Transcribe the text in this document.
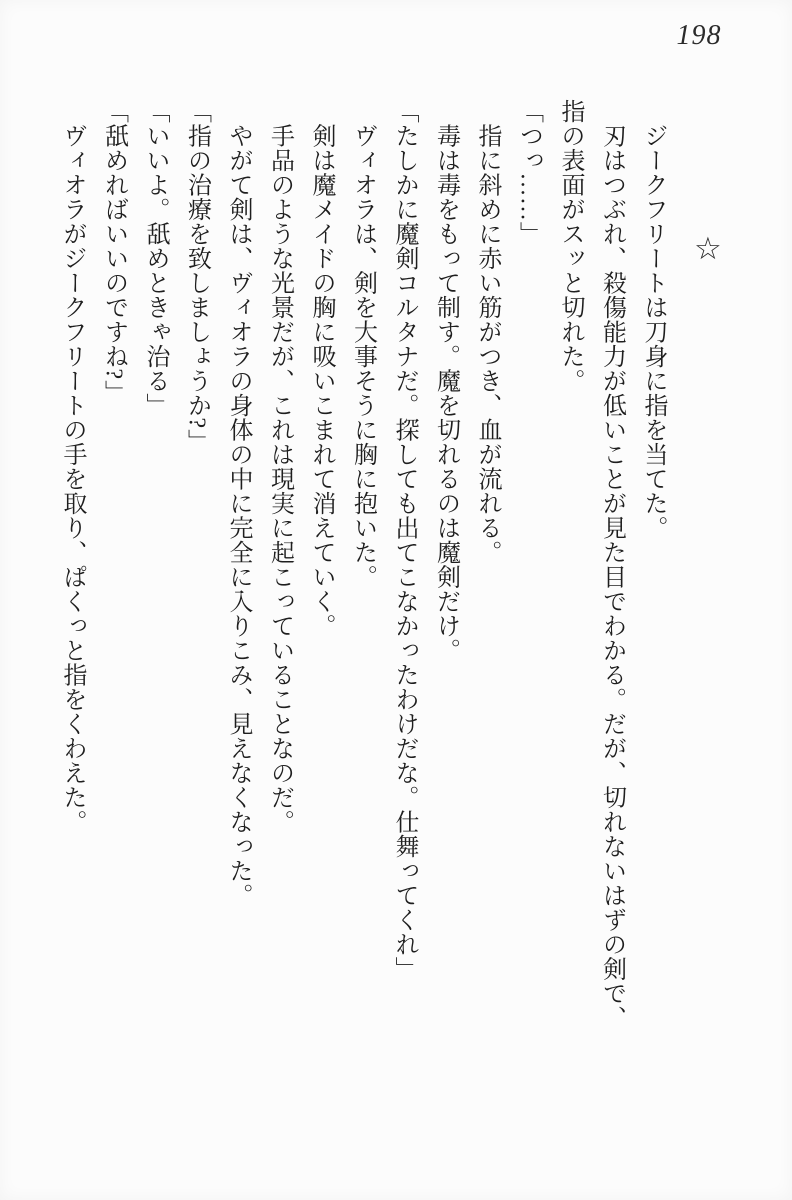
198
☆

　ジークフリートは刀身に指を当てた。

　刃はつぶれ、殺傷能力が低いことが見た目でわかる。だが、切れないはずの剣で、

指の表面がスッと切れた。

「つっ……」

　指に斜めに赤い筋がつき、血が流れる。

　毒は毒をもって制す。魔を切れるのは魔剣だけ。

「たしかに魔剣コルタナだ。探しても出てこなかったわけだな。仕舞ってくれ」

　ヴィオラは、剣を大事そうに胸に抱いた。

　剣は魔メイドの胸に吸いこまれて消えていく。

　手品のような光景だが、これは現実に起こっていることなのだ。

　やがて剣は、ヴィオラの身体の中に完全に入りこみ、見えなくなった。

「指の治療を致しましょうか?」

「いいよ。舐めときゃ治る」

「舐めればいいのですね?」

　ヴィオラがジークフリートの手を取り、ぱくっと指をくわえた。
